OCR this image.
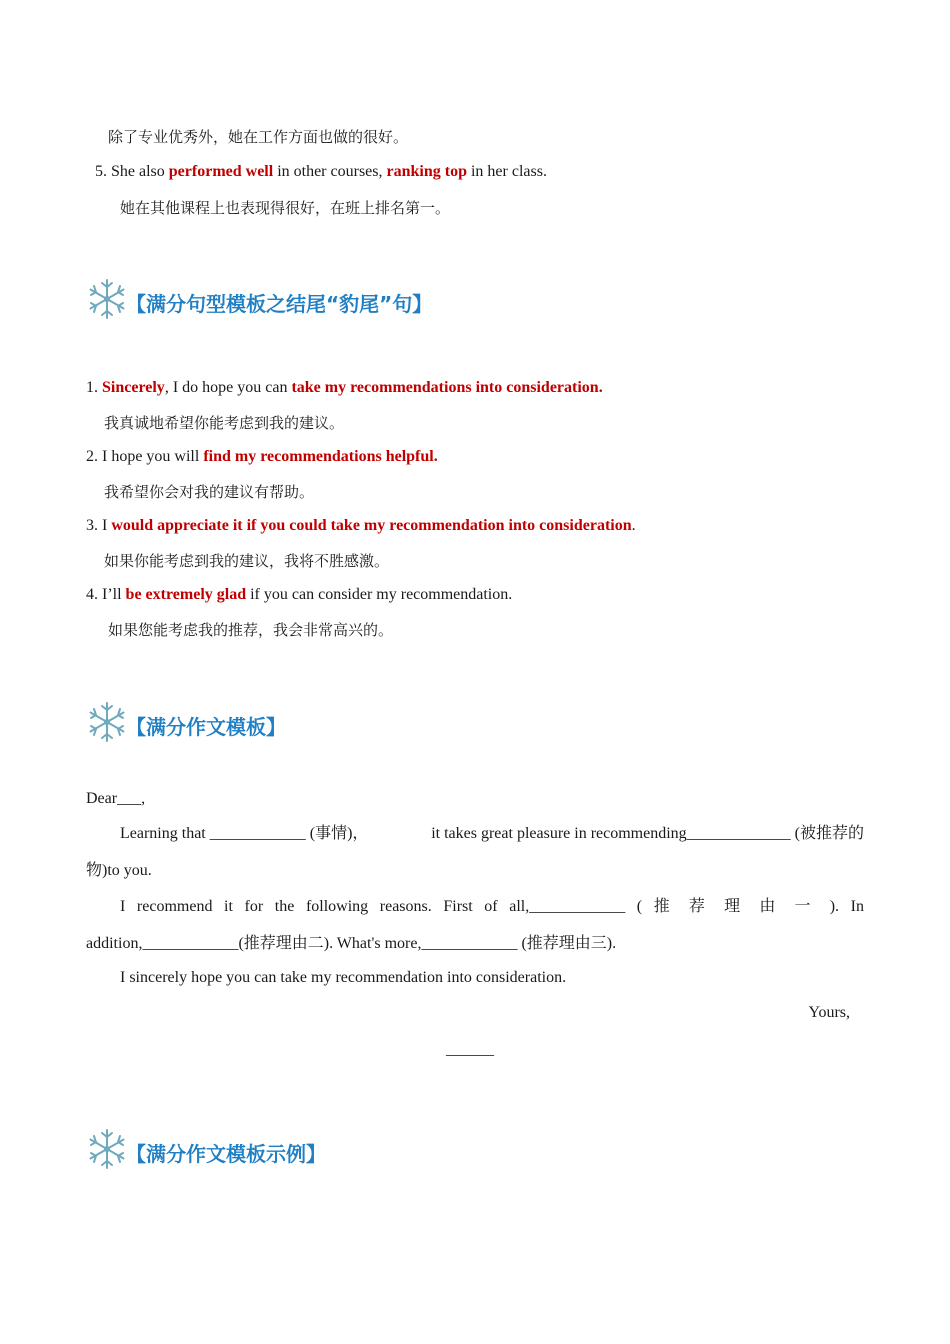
除了专业优秀外，她在工作方面也做的很好。
5. She also performed well in other courses, ranking top in her class.
她在其他课程上也表现得很好，在班上排名第一。
【满分句型模板之结尾“豹尾”句】
1. Sincerely, I do hope you can take my recommendations into consideration.
我真诚地希望你能考虑到我的建议。
2. I hope you will find my recommendations helpful.
我希望你会对我的建议有帮助。
3. I would appreciate it if you could take my recommendation into consideration.
如果你能考虑到我的建议，我将不胜感激。
4. I’ll be extremely glad if you can consider my recommendation.
如果您能考虑我的推荐，我会非常高兴的。
【满分作文模板】
Dear___,
Learning that ____________ (事情)，	it takes great pleasure in recommending_____________ (被推荐的
物)to you.
I recommend it for the following reasons. First of all,____________ ( 推 荐 理 由 一 ). In
addition,____________(推荐理由二). What's more,____________ (推荐理由三).
I sincerely hope you can take my recommendation into consideration.
Yours,
______
【满分作文模板示例】
